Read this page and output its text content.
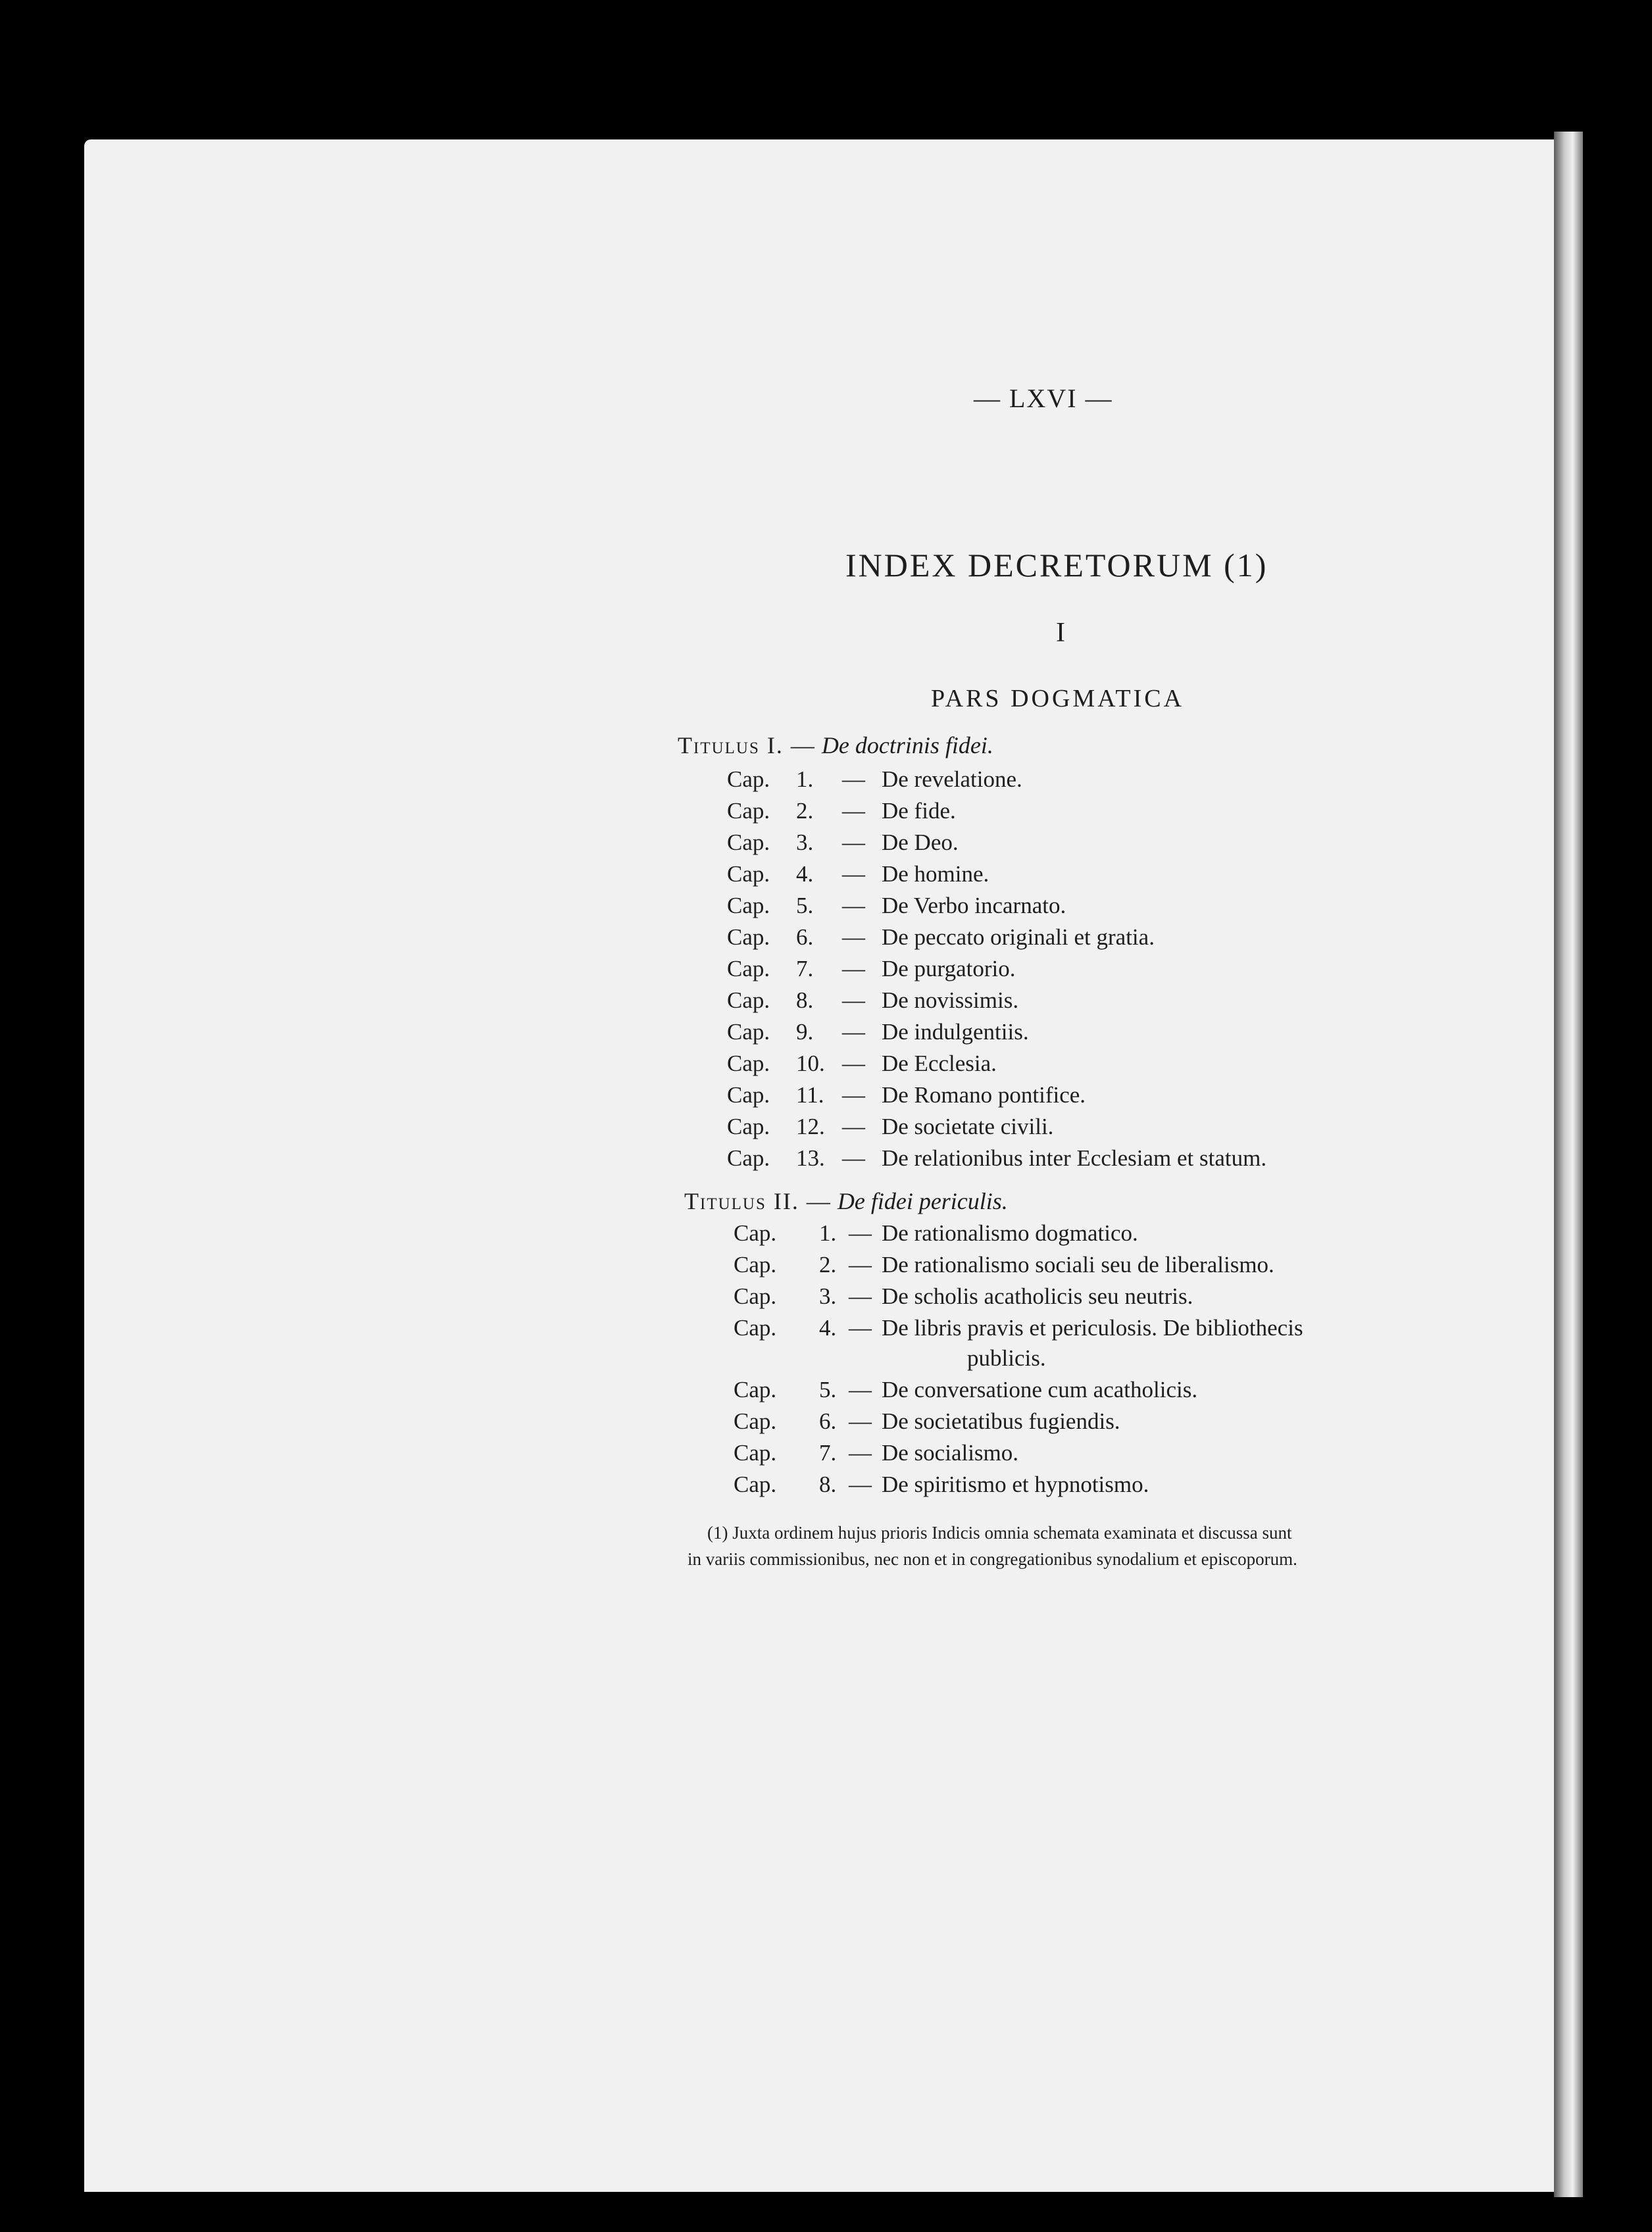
— LXVI —
INDEX DECRETORUM (1)
I
PARS DOGMATICA
Titulus I. — De doctrinis fidei.
Cap. 1. — De revelatione.
Cap. 2. — De fide.
Cap. 3. — De Deo.
Cap. 4. — De homine.
Cap. 5. — De Verbo incarnato.
Cap. 6. — De peccato originali et gratia.
Cap. 7. — De purgatorio.
Cap. 8. — De novissimis.
Cap. 9. — De indulgentiis.
Cap. 10. — De Ecclesia.
Cap. 11. — De Romano pontifice.
Cap. 12. — De societate civili.
Cap. 13. — De relationibus inter Ecclesiam et statum.
Titulus II. — De fidei periculis.
Cap. 1. — De rationalismo dogmatico.
Cap. 2. — De rationalismo sociali seu de liberalismo.
Cap. 3. — De scholis acatholicis seu neutris.
Cap. 4. — De libris pravis et periculosis. De bibliothecis
publicis.
Cap. 5. — De conversatione cum acatholicis.
Cap. 6. — De societatibus fugiendis.
Cap. 7. — De socialismo.
Cap. 8. — De spiritismo et hypnotismo.
(1) Juxta ordinem hujus prioris Indicis omnia schemata examinata et discussa sunt
in variis commissionibus, nec non et in congregationibus synodalium et episcoporum.
